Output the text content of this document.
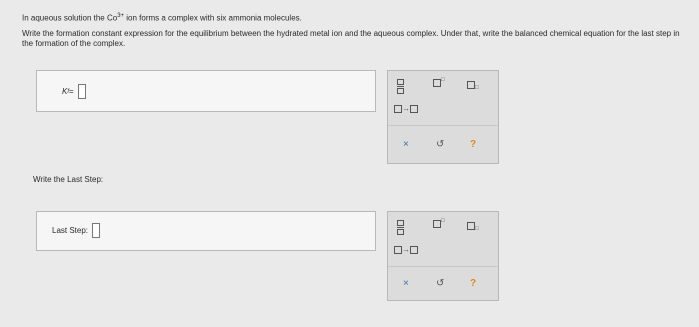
In aqueous solution the $Co^{3+}$ ion forms a complex with six ammonia molecules.
Write the formation constant expression for the equilibrium between the hydrated metal ion and the aqueous complex. Under that, write the balanced chemical equation for the last step in the formation of the complex.
K f =
□
□
→
×	↺	?
Write the Last Step:
Last Step:
□
□
→
×	↺	?
